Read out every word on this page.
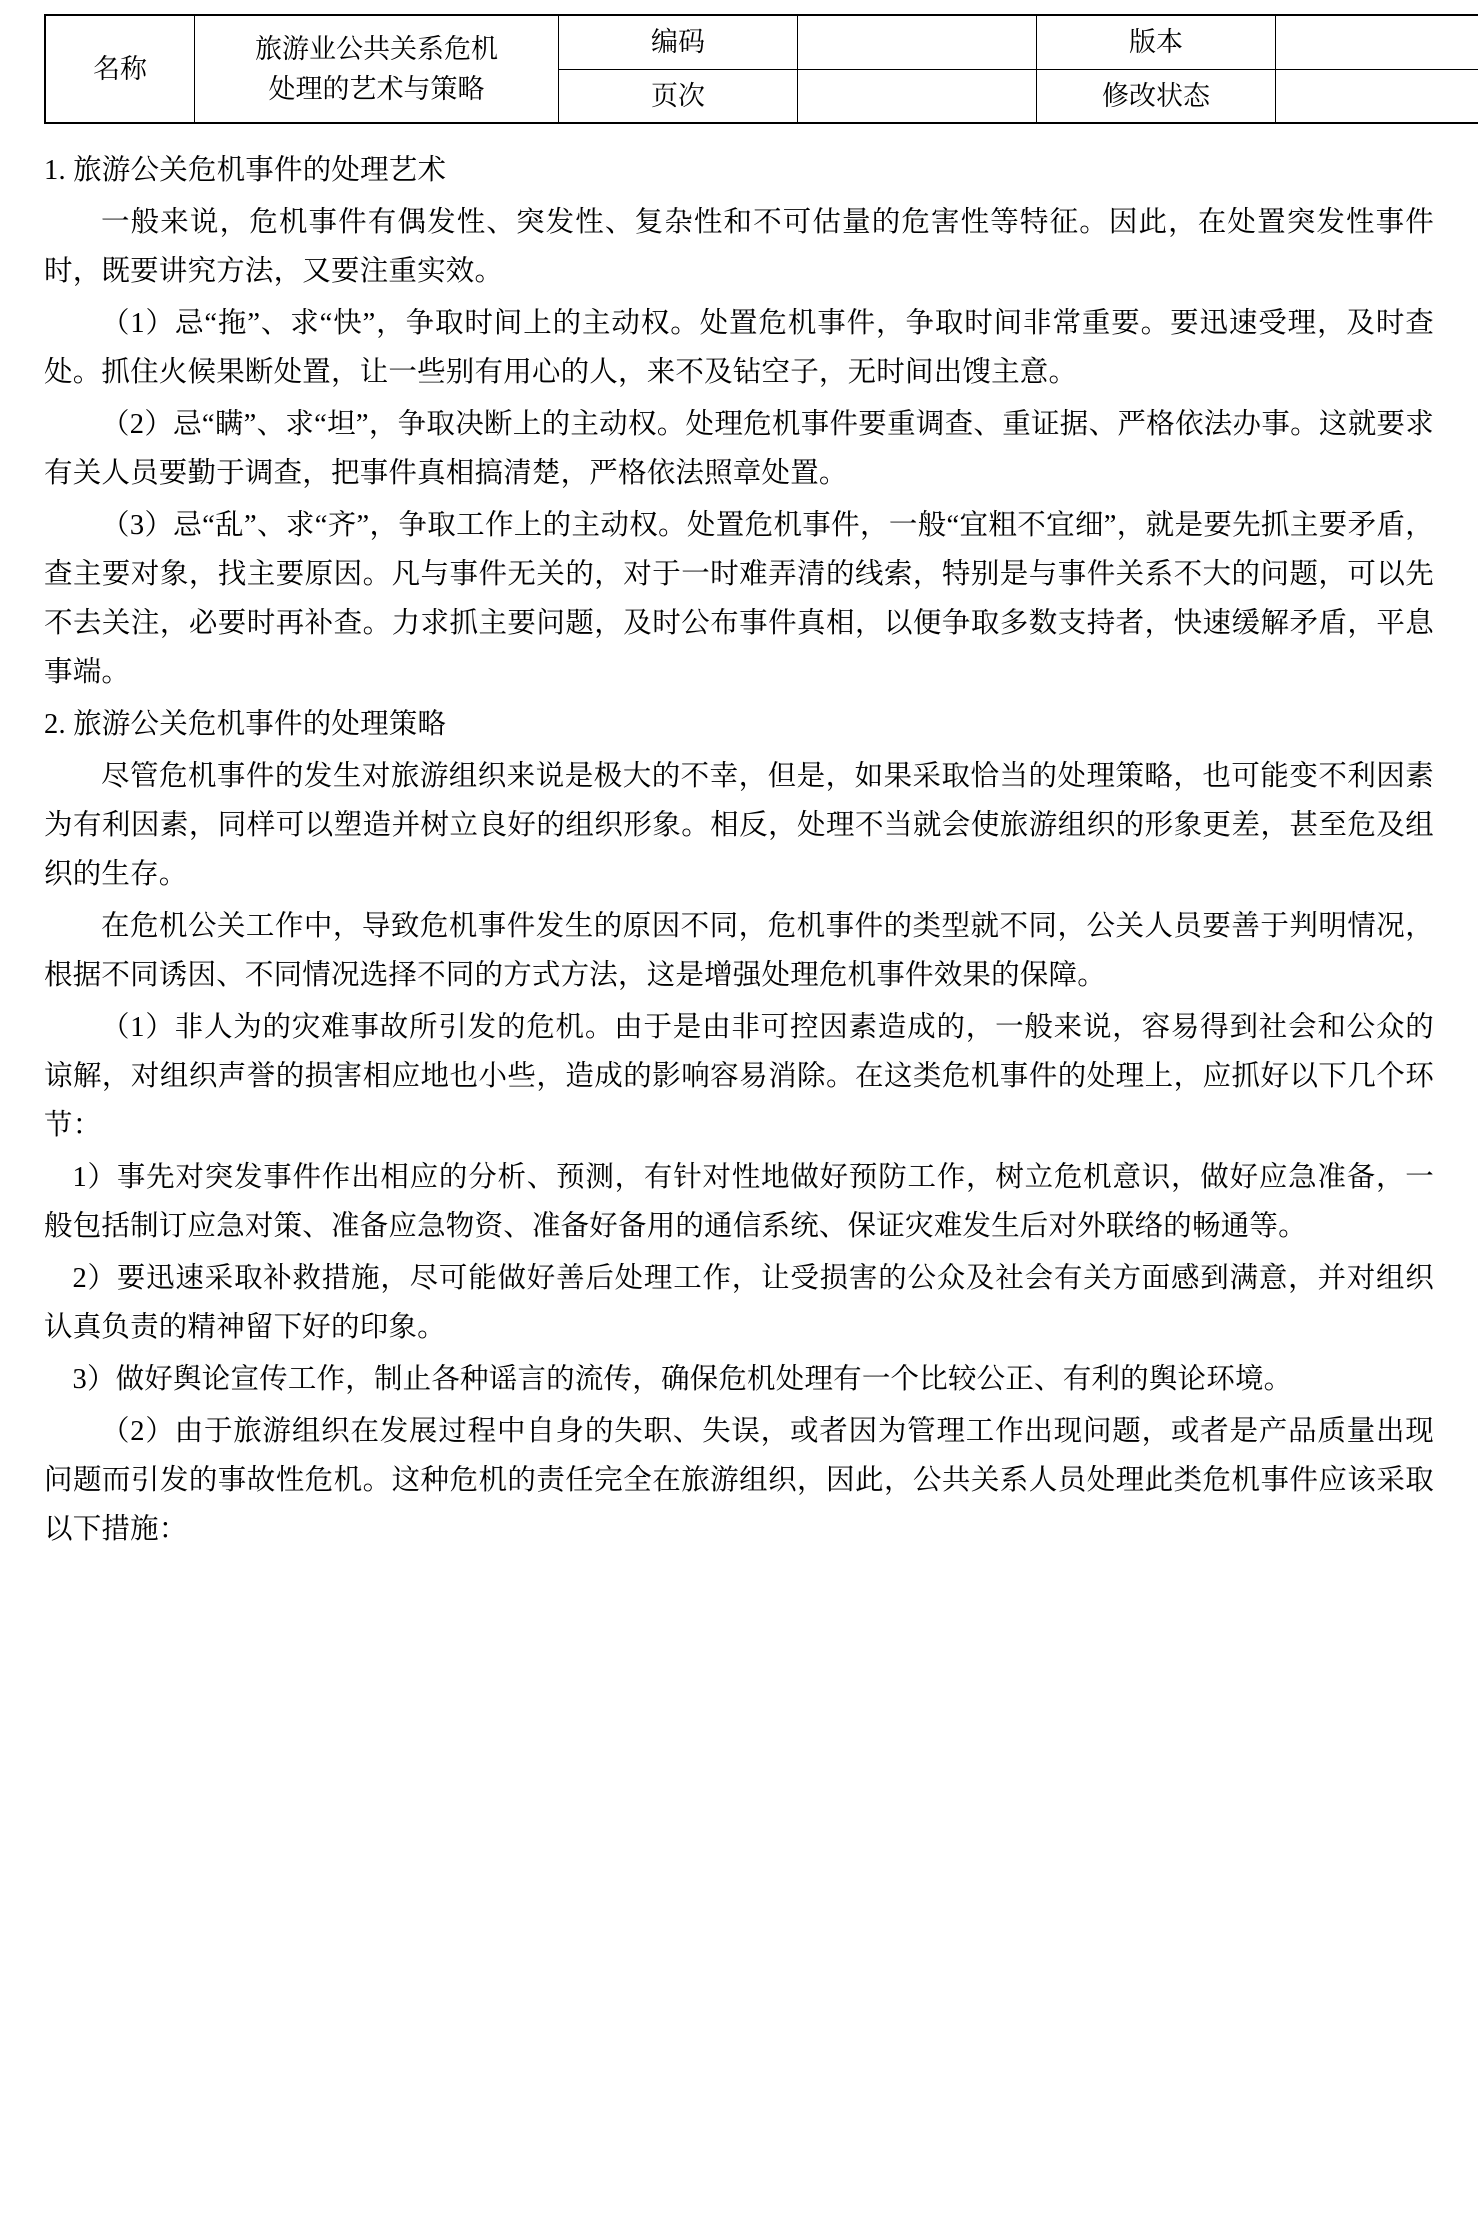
名称	旅游业公共关系危机
处理的艺术与策略	编码		版本	
		页次		修改状态	

1. 旅游公关危机事件的处理艺术

一般来说，危机事件有偶发性、突发性、复杂性和不可估量的危害性等特征。因此，在处置突发性事件时，既要讲究方法，又要注重实效。

（1）忌“拖”、求“快”，争取时间上的主动权。处置危机事件，争取时间非常重要。要迅速受理，及时查处。抓住火候果断处置，让一些别有用心的人，来不及钻空子，无时间出馊主意。

（2）忌“瞒”、求“坦”，争取决断上的主动权。处理危机事件要重调查、重证据、严格依法办事。这就要求有关人员要勤于调查，把事件真相搞清楚，严格依法照章处置。

（3）忌“乱”、求“齐”，争取工作上的主动权。处置危机事件，一般“宜粗不宜细”，就是要先抓主要矛盾，查主要对象，找主要原因。凡与事件无关的，对于一时难弄清的线索，特别是与事件关系不大的问题，可以先不去关注，必要时再补查。力求抓主要问题，及时公布事件真相，以便争取多数支持者，快速缓解矛盾，平息事端。

2. 旅游公关危机事件的处理策略

尽管危机事件的发生对旅游组织来说是极大的不幸，但是，如果采取恰当的处理策略，也可能变不利因素为有利因素，同样可以塑造并树立良好的组织形象。相反，处理不当就会使旅游组织的形象更差，甚至危及组织的生存。

在危机公关工作中，导致危机事件发生的原因不同，危机事件的类型就不同，公关人员要善于判明情况，根据不同诱因、不同情况选择不同的方式方法，这是增强处理危机事件效果的保障。

（1）非人为的灾难事故所引发的危机。由于是由非可控因素造成的，一般来说，容易得到社会和公众的谅解，对组织声誉的损害相应地也小些，造成的影响容易消除。在这类危机事件的处理上，应抓好以下几个环节：

1）事先对突发事件作出相应的分析、预测，有针对性地做好预防工作，树立危机意识，做好应急准备，一般包括制订应急对策、准备应急物资、准备好备用的通信系统、保证灾难发生后对外联络的畅通等。

2）要迅速采取补救措施，尽可能做好善后处理工作，让受损害的公众及社会有关方面感到满意，并对组织认真负责的精神留下好的印象。

3）做好舆论宣传工作，制止各种谣言的流传，确保危机处理有一个比较公正、有利的舆论环境。

（2）由于旅游组织在发展过程中自身的失职、失误，或者因为管理工作出现问题，或者是产品质量出现问题而引发的事故性危机。这种危机的责任完全在旅游组织，因此，公共关系人员处理此类危机事件应该采取以下措施：
